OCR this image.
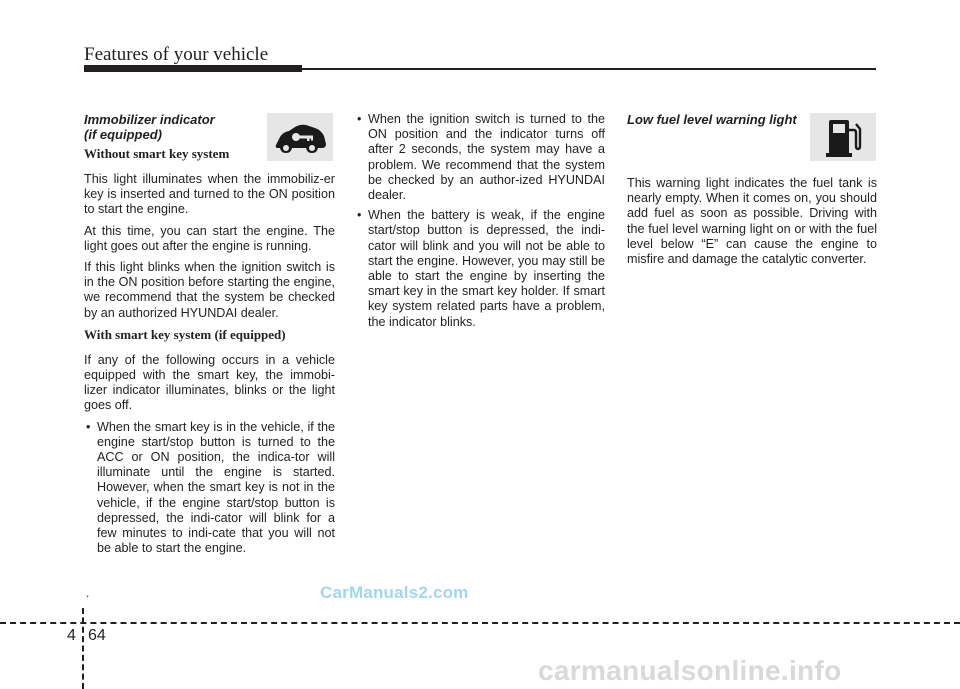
Features of your vehicle
Immobilizer indicator
(if equipped)
Without smart key system

This light illuminates when the immobiliz-er key is inserted and turned to the ON position to start the engine.

At this time, you can start the engine. The light goes out after the engine is running.

If this light blinks when the ignition switch is in the ON position before starting the engine, we recommend that the system be checked by an authorized HYUNDAI dealer.

With smart key system (if equipped)

If any of the following occurs in a vehicle equipped with the smart key, the immobi-lizer indicator illuminates, blinks or the light goes off.

• When the smart key is in the vehicle, if the engine start/stop button is turned to the ACC or ON position, the indica-tor will illuminate until the engine is started. However, when the smart key is not in the vehicle, if the engine start/stop button is depressed, the indi-cator will blink for a few minutes to indi-cate that you will not be able to start the engine.
.
• When the ignition switch is turned to the ON position and the indicator turns off after 2 seconds, the system may have a problem. We recommend that the system be checked by an author-ized HYUNDAI dealer.
• When the battery is weak, if the engine start/stop button is depressed, the indi-cator will blink and you will not be able to start the engine. However, you may still be able to start the engine by inserting the smart key in the smart key holder. If smart key system related parts have a problem, the indicator blinks.
Low fuel level warning light

This warning light indicates the fuel tank is nearly empty. When it comes on, you should add fuel as soon as possible. Driving with the fuel level warning light on or with the fuel level below “E” can cause the engine to misfire and damage the catalytic converter.

CarManuals2.com
4 64
carmanualsonline.info
